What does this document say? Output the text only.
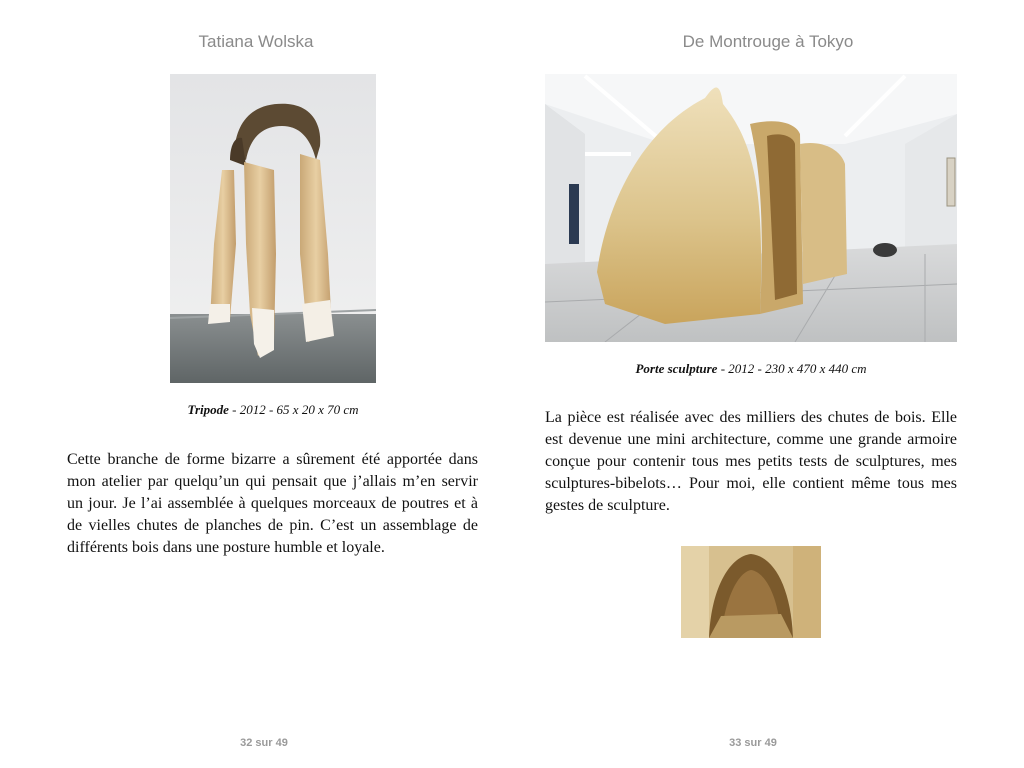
Tatiana Wolska
Tripode - 2012 - 65 x 20 x 70 cm

Cette branche de forme bizarre a sûrement été apportée dans mon atelier par quelqu’un qui pensait que j’allais m’en servir un jour. Je l’ai assemblée à quelques morceaux de poutres et à de vielles chutes de planches de pin. C’est un assemblage de différents bois dans une posture humble et loyale.

32 sur 49
De Montrouge à Tokyo
Porte sculpture - 2012 - 230 x 470 x 440 cm

La pièce est réalisée avec des milliers des chutes de bois. Elle est devenue une mini architecture, comme une grande armoire conçue pour contenir tous mes petits tests de sculptures, mes sculptures-bibelots… Pour moi, elle contient même tous mes gestes de sculpture.

33 sur 49
